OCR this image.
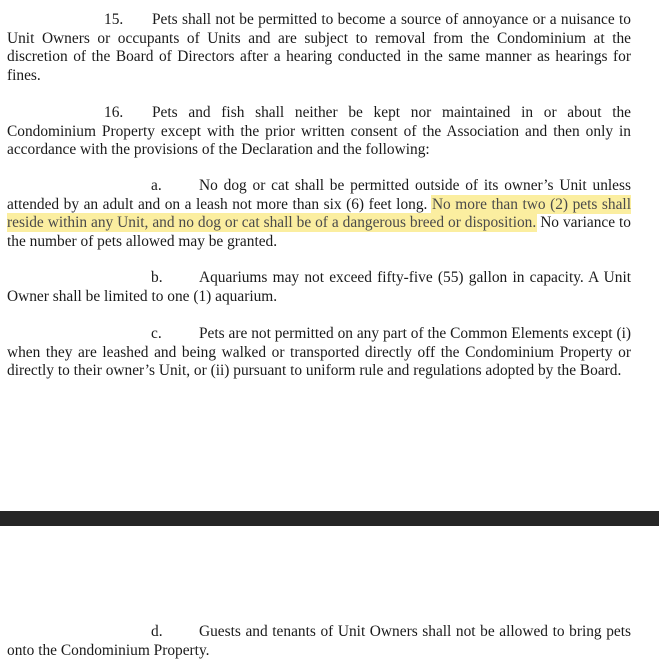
15. Pets shall not be permitted to become a source of annoyance or a nuisance to Unit Owners or occupants of Units and are subject to removal from the Condominium at the discretion of the Board of Directors after a hearing conducted in the same manner as hearings for fines.

16. Pets and fish shall neither be kept nor maintained in or about the Condominium Property except with the prior written consent of the Association and then only in accordance with the provisions of the Declaration and the following:

a. No dog or cat shall be permitted outside of its owner’s Unit unless attended by an adult and on a leash not more than six (6) feet long. No more than two (2) pets shall reside within any Unit, and no dog or cat shall be of a dangerous breed or disposition. No variance to the number of pets allowed may be granted.

b. Aquariums may not exceed fifty-five (55) gallon in capacity. A Unit Owner shall be limited to one (1) aquarium.

c. Pets are not permitted on any part of the Common Elements except (i) when they are leashed and being walked or transported directly off the Condominium Property or directly to their owner’s Unit, or (ii) pursuant to uniform rule and regulations adopted by the Board.

d. Guests and tenants of Unit Owners shall not be allowed to bring pets onto the Condominium Property.
